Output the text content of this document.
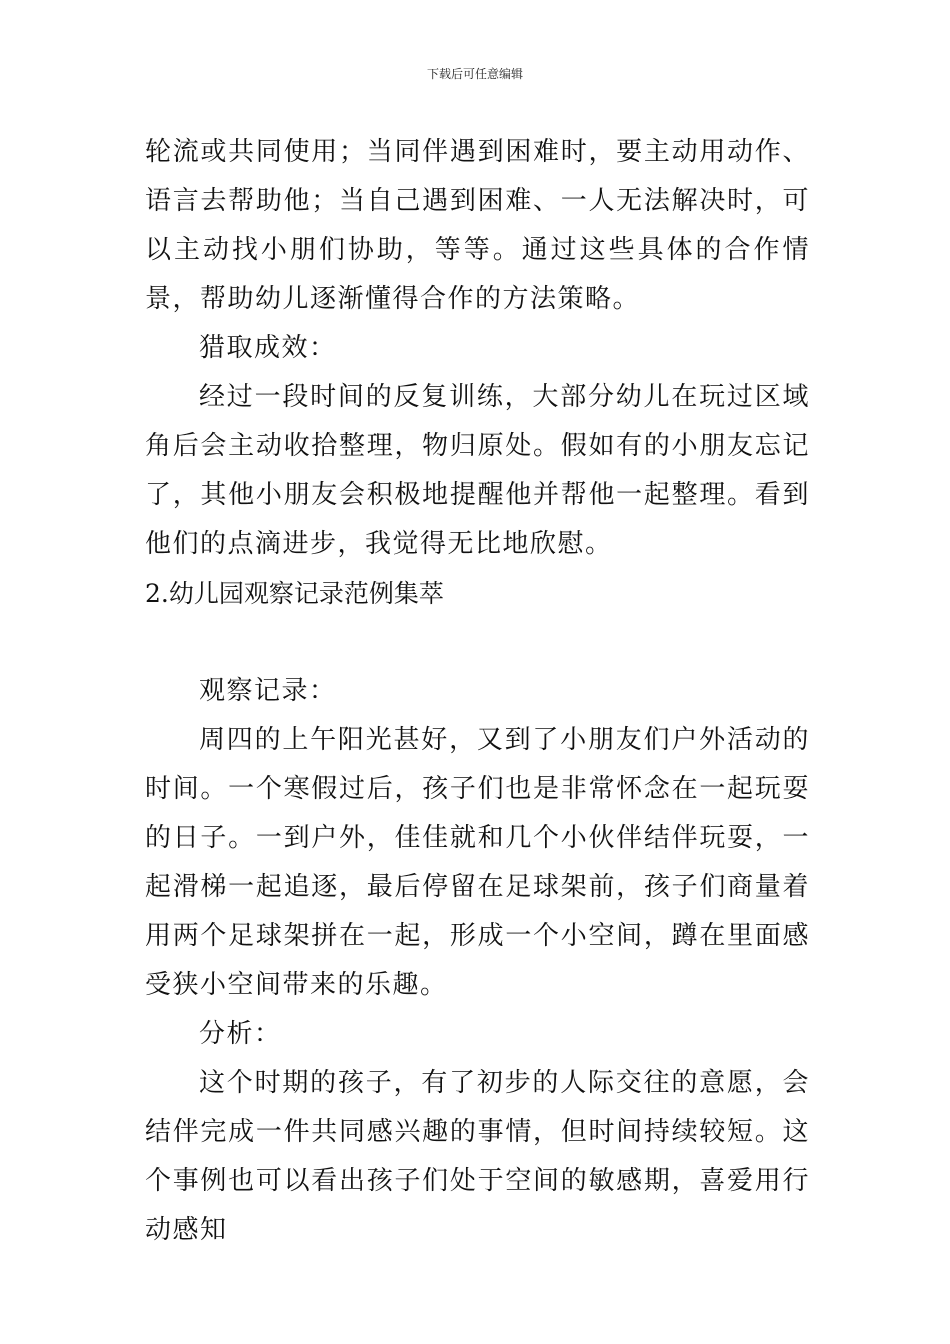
下载后可任意编辑

轮流或共同使用；当同伴遇到困难时，要主动用动作、语言去帮助他；当自己遇到困难、一人无法解决时，可以主动找小朋们协助，等等。通过这些具体的合作情景，帮助幼儿逐渐懂得合作的方法策略。

猎取成效：

经过一段时间的反复训练，大部分幼儿在玩过区域角后会主动收拾整理，物归原处。假如有的小朋友忘记了，其他小朋友会积极地提醒他并帮他一起整理。看到他们的点滴进步，我觉得无比地欣慰。

2.幼儿园观察记录范例集萃

观察记录：

周四的上午阳光甚好，又到了小朋友们户外活动的时间。一个寒假过后，孩子们也是非常怀念在一起玩耍的日子。一到户外，佳佳就和几个小伙伴结伴玩耍，一起滑梯一起追逐，最后停留在足球架前，孩子们商量着用两个足球架拼在一起，形成一个小空间，蹲在里面感受狭小空间带来的乐趣。

分析：

这个时期的孩子，有了初步的人际交往的意愿，会结伴完成一件共同感兴趣的事情，但时间持续较短。这个事例也可以看出孩子们处于空间的敏感期，喜爱用行动感知
